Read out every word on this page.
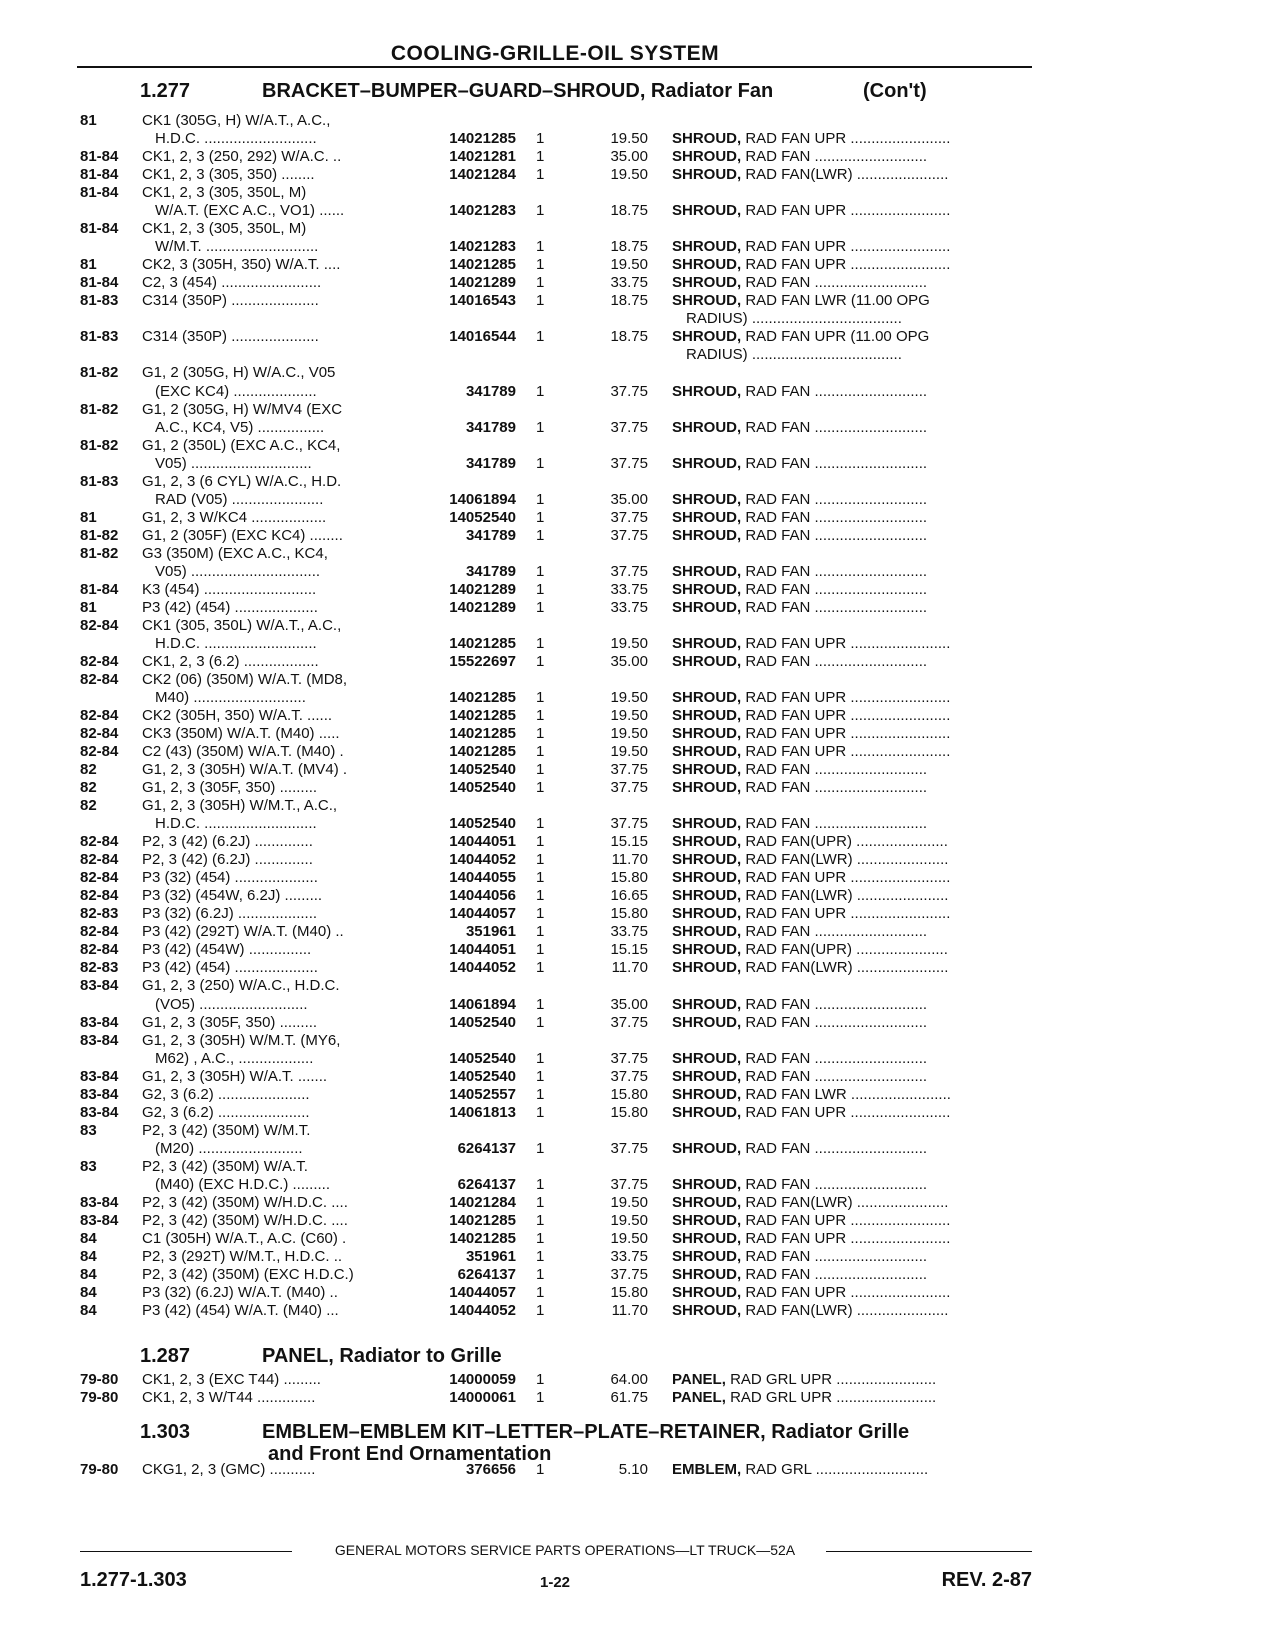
COOLING-GRILLE-OIL SYSTEM
1.277	BRACKET–BUMPER–GUARD–SHROUD, Radiator Fan	(Con't)
1.287	PANEL, Radiator to Grille
1.303	EMBLEM–EMBLEM KIT–LETTER–PLATE–RETAINER, Radiator Grille
and Front End Ornamentation
81	CK1 (305G, H) W/A.T., A.C.,
H.D.C. ...........................	14021285 1	19.50 SHROUD, RAD FAN UPR ........................
81-84 CK1, 2, 3 (250, 292) W/A.C. ..	14021281 1	35.00 SHROUD, RAD FAN ...........................
81-84 CK1, 2, 3 (305, 350) ........	14021284 1	19.50 SHROUD, RAD FAN(LWR) ......................
81-84 CK1, 2, 3 (305, 350L, M)
W/A.T. (EXC A.C., VO1) ......	14021283 1	18.75 SHROUD, RAD FAN UPR ........................
81-84 CK1, 2, 3 (305, 350L, M)
W/M.T. ...........................	14021283 1	18.75 SHROUD, RAD FAN UPR ........................
81	CK2, 3 (305H, 350) W/A.T. ....	14021285 1	19.50 SHROUD, RAD FAN UPR ........................
81-84 C2, 3 (454) ........................	14021289 1	33.75 SHROUD, RAD FAN ...........................
81-83 C314 (350P) .....................	14016543 1	18.75 SHROUD, RAD FAN LWR (11.00 OPG
RADIUS) ....................................
81-83 C314 (350P) .....................	14016544 1	18.75 SHROUD, RAD FAN UPR (11.00 OPG
RADIUS) ....................................
81-82 G1, 2 (305G, H) W/A.C., V05
(EXC KC4) ....................	341789 1	37.75 SHROUD, RAD FAN ...........................
81-82 G1, 2 (305G, H) W/MV4 (EXC
A.C., KC4, V5) ................	341789 1	37.75 SHROUD, RAD FAN ...........................
81-82 G1, 2 (350L) (EXC A.C., KC4,
V05) .............................	341789 1	37.75 SHROUD, RAD FAN ...........................
81-83 G1, 2, 3 (6 CYL) W/A.C., H.D.
RAD (V05) ......................	14061894 1	35.00 SHROUD, RAD FAN ...........................
81	G1, 2, 3 W/KC4 ..................	14052540 1	37.75 SHROUD, RAD FAN ...........................
81-82 G1, 2 (305F) (EXC KC4) ........	341789 1	37.75 SHROUD, RAD FAN ...........................
81-82 G3 (350M) (EXC A.C., KC4,
V05) ...............................	341789 1	37.75 SHROUD, RAD FAN ...........................
81-84 K3 (454) ...........................	14021289 1	33.75 SHROUD, RAD FAN ...........................
81	P3 (42) (454) ....................	14021289 1	33.75 SHROUD, RAD FAN ...........................
82-84 CK1 (305, 350L) W/A.T., A.C.,
H.D.C. ...........................	14021285 1	19.50 SHROUD, RAD FAN UPR ........................
82-84 CK1, 2, 3 (6.2) ..................	15522697 1	35.00 SHROUD, RAD FAN ...........................
82-84 CK2 (06) (350M) W/A.T. (MD8,
M40) ...........................	14021285 1	19.50 SHROUD, RAD FAN UPR ........................
82-84 CK2 (305H, 350) W/A.T. ......	14021285 1	19.50 SHROUD, RAD FAN UPR ........................
82-84 CK3 (350M) W/A.T. (M40) .....	14021285 1	19.50 SHROUD, RAD FAN UPR ........................
82-84 C2 (43) (350M) W/A.T. (M40) .	14021285 1	19.50 SHROUD, RAD FAN UPR ........................
82	G1, 2, 3 (305H) W/A.T. (MV4) .	14052540 1	37.75 SHROUD, RAD FAN ...........................
82	G1, 2, 3 (305F, 350) .........	14052540 1	37.75 SHROUD, RAD FAN ...........................
82	G1, 2, 3 (305H) W/M.T., A.C.,
H.D.C. ...........................	14052540 1	37.75 SHROUD, RAD FAN ...........................
82-84 P2, 3 (42) (6.2J) ..............	14044051 1	15.15 SHROUD, RAD FAN(UPR) ......................
82-84 P2, 3 (42) (6.2J) ..............	14044052 1	11.70 SHROUD, RAD FAN(LWR) ......................
82-84 P3 (32) (454) ....................	14044055 1	15.80 SHROUD, RAD FAN UPR ........................
82-84 P3 (32) (454W, 6.2J) .........	14044056 1	16.65 SHROUD, RAD FAN(LWR) ......................
82-83 P3 (32) (6.2J) ...................	14044057 1	15.80 SHROUD, RAD FAN UPR ........................
82-84 P3 (42) (292T) W/A.T. (M40) ..	351961 1	33.75 SHROUD, RAD FAN ...........................
82-84 P3 (42) (454W) ...............	14044051 1	15.15 SHROUD, RAD FAN(UPR) ......................
82-83 P3 (42) (454) ....................	14044052 1	11.70 SHROUD, RAD FAN(LWR) ......................
83-84 G1, 2, 3 (250) W/A.C., H.D.C.
(VO5) ..........................	14061894 1	35.00 SHROUD, RAD FAN ...........................
83-84 G1, 2, 3 (305F, 350) .........	14052540 1	37.75 SHROUD, RAD FAN ...........................
83-84 G1, 2, 3 (305H) W/M.T. (MY6,
M62) , A.C., ..................	14052540 1	37.75 SHROUD, RAD FAN ...........................
83-84 G1, 2, 3 (305H) W/A.T. .......	14052540 1	37.75 SHROUD, RAD FAN ...........................
83-84 G2, 3 (6.2) ......................	14052557 1	15.80 SHROUD, RAD FAN LWR ........................
83-84 G2, 3 (6.2) ......................	14061813 1	15.80 SHROUD, RAD FAN UPR ........................
83	P2, 3 (42) (350M) W/M.T.
(M20) .........................	6264137 1	37.75 SHROUD, RAD FAN ...........................
83	P2, 3 (42) (350M) W/A.T.
(M40) (EXC H.D.C.) .........	6264137 1	37.75 SHROUD, RAD FAN ...........................
83-84 P2, 3 (42) (350M) W/H.D.C. ....	14021284 1	19.50 SHROUD, RAD FAN(LWR) ......................
83-84 P2, 3 (42) (350M) W/H.D.C. ....	14021285 1	19.50 SHROUD, RAD FAN UPR ........................
84	C1 (305H) W/A.T., A.C. (C60) .	14021285 1	19.50 SHROUD, RAD FAN UPR ........................
84	P2, 3 (292T) W/M.T., H.D.C. ..	351961 1	33.75 SHROUD, RAD FAN ...........................
84	P2, 3 (42) (350M) (EXC H.D.C.)	6264137 1	37.75 SHROUD, RAD FAN ...........................
84	P3 (32) (6.2J) W/A.T. (M40) ..	14044057 1	15.80 SHROUD, RAD FAN UPR ........................
84	P3 (42) (454) W/A.T. (M40) ...	14044052 1	11.70 SHROUD, RAD FAN(LWR) ......................
79-80 CK1, 2, 3 (EXC T44) .........	14000059 1	64.00 PANEL, RAD GRL UPR ........................
79-80 CK1, 2, 3 W/T44 ..............	14000061 1	61.75 PANEL, RAD GRL UPR ........................
79-80 CKG1, 2, 3 (GMC) ...........	376656 1	5.10 EMBLEM, RAD GRL ...........................
GENERAL MOTORS SERVICE PARTS OPERATIONS—LT TRUCK—52A
1.277-1.303	1-22	REV. 2-87
